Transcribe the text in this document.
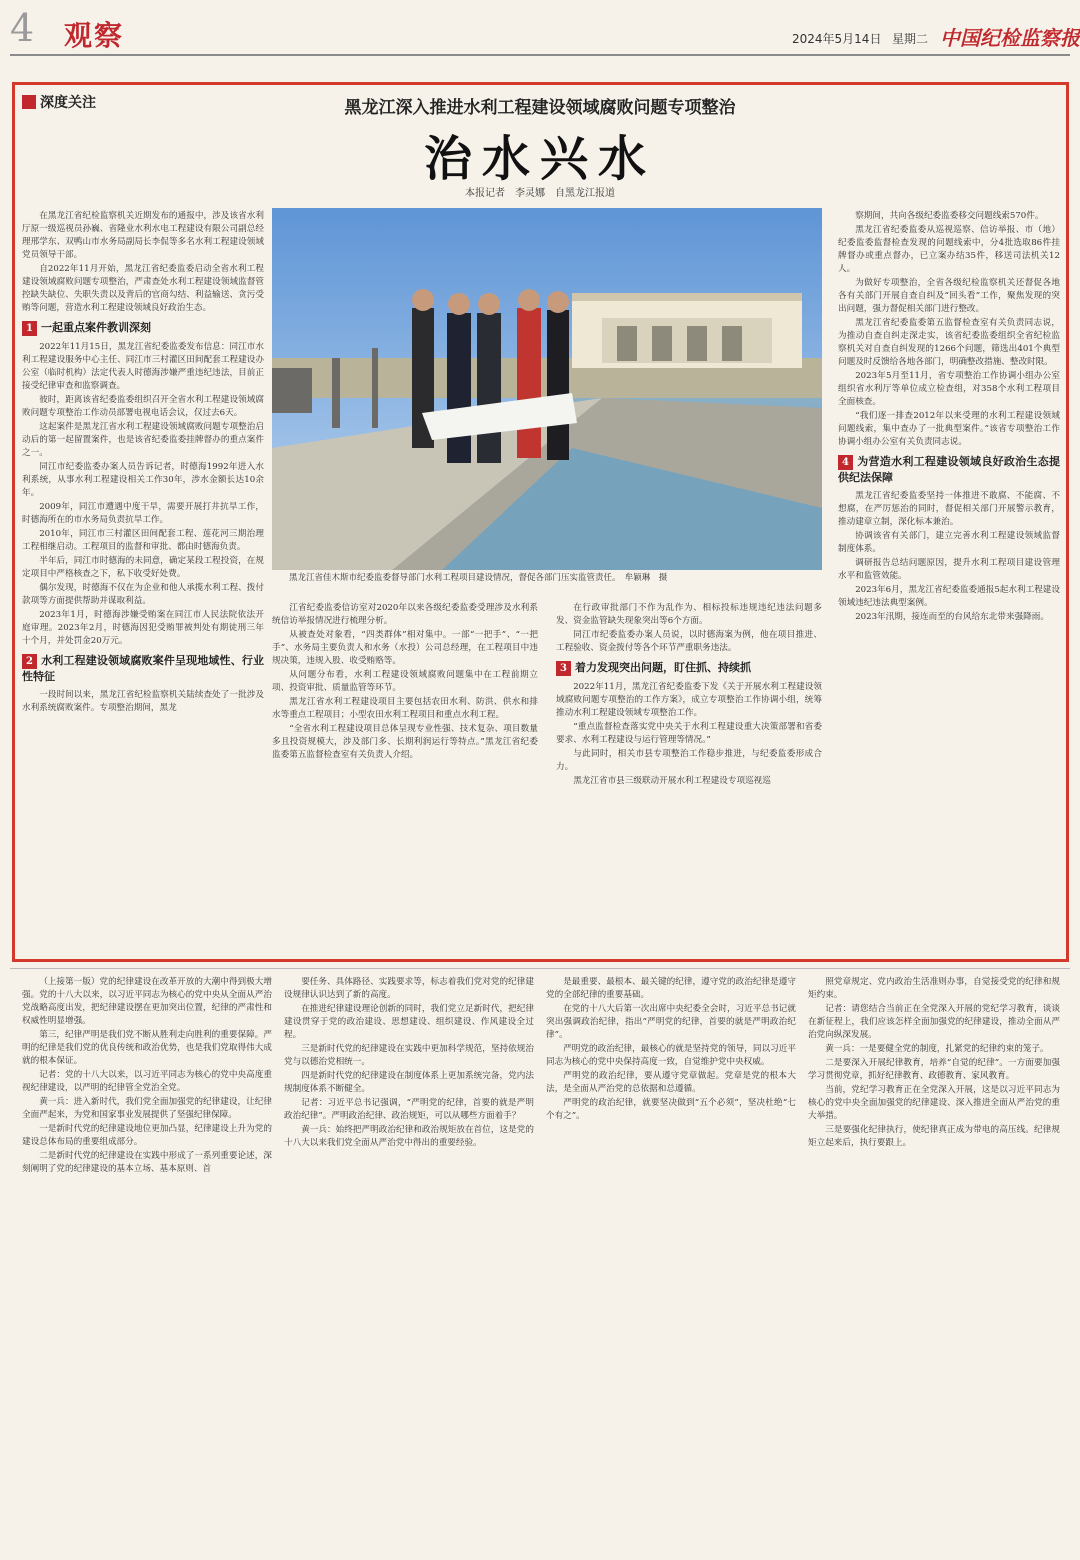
4 观察	2024年5月14日 星期二 中国纪检监察报
深度关注	黑龙江深入推进水利工程建设领域腐败问题专项整治
治水兴水
本报记者　李灵娜　自黑龙江报道

在黑龙江省纪检监察机关近期发布的通报中，涉及该省水利厅原一级巡视员孙巍、省隆业水利水电工程建设有限公司副总经理邢学东、双鸭山市水务局副局长李侃等多名水利工程建设领域党员领导干部。

自2022年11月开始，黑龙江省纪委监委启动全省水利工程建设领域腐败问题专项整治，严肃查处水利工程建设领域监督管控缺失缺位、失职失责以及背后的官商勾结、利益输送、贪污受贿等问题，营造水利工程建设领域良好政治生态。

1 一起重点案件教训深刻

2022年11月15日，黑龙江省纪委监委发布信息：同江市水利工程建设服务中心主任、同江市三村灌区田间配套工程建设办公室（临时机构）法定代表人时德海涉嫌严重违纪违法，目前正接受纪律审查和监察调查。

彼时，距离该省纪委监委组织召开全省水利工程建设领域腐败问题专项整治工作动员部署电视电话会议，仅过去6天。

这起案件是黑龙江省水利工程建设领域腐败问题专项整治启动后的第一起留置案件，也是该省纪委监委挂牌督办的重点案件之一。

同江市纪委监委办案人员告诉记者，时德海1992年进入水利系统，从事水利工程建设相关工作30年，涉水金额长达10余年。

2009年，同江市遭遇中度干旱，需要开展打井抗旱工作，时德海所在的市水务局负责抗旱工作。

2010年，同江市三村灌区田间配套工程、莲花河三期治理工程相继启动。工程项目的监督和审批、都由时德海负责。

半年后，同江市时德海的未同意，确定某段工程投资，在规定项目中严格核查之下，私下收受好处费。

偶尔发现，时德海不仅在为企业和他人承揽水利工程、拨付款项等方面提供帮助并谋取利益。

2023年1月，时德海涉嫌受贿案在同江市人民法院依法开庭审理。2023年2月，时德海因犯受贿罪被判处有期徒刑三年十个月，并处罚金20万元。

2 水利工程建设领域腐败案件呈现地域性、行业性特征

一段时间以来，黑龙江省纪检监察机关陆续查处了一批涉及水利系统腐败案件。专项整治期间，黑龙

黑龙江省佳木斯市纪委监委督导部门水利工程项目建设情况，督促各部门压实监管责任。　 牟颖琳　摄

江省纪委监委信访室对2020年以来各级纪委监委受理涉及水利系统信访举报情况进行梳理分析。

从被查处对象看，“四类群体”相对集中。一部“一把手”、“一把手”、水务局主要负责人和水务（水投）公司总经理，在工程项目中违规决策，违规入股、收受贿赂等。

从问题分布看，水利工程建设领域腐败问题集中在工程前期立项、投资审批、质量监管等环节。

黑龙江省水利工程建设项目主要包括农田水利、防洪、供水和排水等重点工程项目；小型农田水利工程项目和重点水利工程。

“全省水利工程建设项目总体呈现专业性强、技术复杂、项目数量多且投资规模大，涉及部门多、长期利润运行等特点。”黑龙江省纪委监委第五监督检查室有关负责人介绍。

在行政审批部门不作为乱作为、相标投标违规违纪违法问题多发、资金监管缺失现象突出等6个方面。

同江市纪委监委办案人员说，以时德海案为例，他在项目推进、工程验收、资金拨付等各个环节严重职务违法。

3 着力发现突出问题，盯住抓、持续抓

2022年11月，黑龙江省纪委监委下发《关于开展水利工程建设领域腐败问题专项整治的工作方案》，成立专项整治工作协调小组，统筹推动水利工程建设领域专项整治工作。

“重点监督检查落实党中央关于水利工程建设重大决策部署和省委要求、水利工程建设与运行管理等情况。”

与此同时，相关市县专项整治工作稳步推进，与纪委监委形成合力。

黑龙江省市县三级联动开展水利工程建设专项巡视巡

察期间，共向各级纪委监委移交问题线索570件。

黑龙江省纪委监委从巡视巡察、信访举报、市（地）纪委监委监督检查发现的问题线索中，分4批选取86件挂牌督办或重点督办，已立案办结35件，移送司法机关12人。

为做好专项整治，全省各级纪检监察机关还督促各地各有关部门开展自查自纠及“回头看”工作，聚焦发现的突出问题，强力督促相关部门进行整改。

黑龙江省纪委监委第五监督检查室有关负责同志说，为推动自查自纠走深走实，该省纪委监委组织全省纪检监察机关对自查自纠发现的1266个问题，筛选出401个典型问题及时反馈给各地各部门，明确整改措施、整改时限。

2023年5月至11月，省专项整治工作协调小组办公室组织省水利厅等单位成立检查组，对358个水利工程项目全面核查。

“我们逐一排查2012年以来受理的水利工程建设领域问题线索，集中查办了一批典型案件。”该省专项整治工作协调小组办公室有关负责同志说。

4 为营造水利工程建设领域良好政治生态提供纪法保障

黑龙江省纪委监委坚持一体推进不敢腐、不能腐、不想腐，在严厉惩治的同时，督促相关部门开展警示教育，推动建章立制，深化标本兼治。

协调该省有关部门，建立完善水利工程建设领域监督制度体系。

调研报告总结问题原因，提升水利工程项目建设管理水平和监管效能。

2023年6月，黑龙江省纪委监委通报5起水利工程建设领域违纪违法典型案例。

2023年汛期，接连而至的台风给东北带来强降雨。

（上接第一版）党的纪律建设在改革开放的大潮中得到极大增强。党的十八大以来，以习近平同志为核心的党中央从全面从严治党战略高度出发，把纪律建设摆在更加突出位置，纪律的严肃性和权威性明显增强。

第三，纪律严明是我们党不断从胜利走向胜利的重要保障。严明的纪律是我们党的优良传统和政治优势，也是我们党取得伟大成就的根本保证。

记者：党的十八大以来，以习近平同志为核心的党中央高度重视纪律建设，以严明的纪律管全党治全党。

黄一兵：进入新时代，我们党全面加强党的纪律建设，让纪律全面严起来，为党和国家事业发展提供了坚强纪律保障。

一是新时代党的纪律建设地位更加凸显，纪律建设上升为党的建设总体布局的重要组成部分。

二是新时代党的纪律建设在实践中形成了一系列重要论述，深刻阐明了党的纪律建设的基本立场、基本原则、首

要任务、具体路径、实践要求等，标志着我们党对党的纪律建设规律认识达到了新的高度。

在推进纪律建设理论创新的同时，我们党立足新时代，把纪律建设贯穿于党的政治建设、思想建设、组织建设、作风建设全过程。

三是新时代党的纪律建设在实践中更加科学规范，坚持依规治党与以德治党相统一。

四是新时代党的纪律建设在制度体系上更加系统完备，党内法规制度体系不断健全。

记者：习近平总书记强调，“严明党的纪律，首要的就是严明政治纪律”。严明政治纪律、政治规矩，可以从哪些方面着手？

黄一兵：始终把严明政治纪律和政治规矩放在首位，这是党的十八大以来我们党全面从严治党中得出的重要经验。

是最重要、最根本、最关键的纪律，遵守党的政治纪律是遵守党的全部纪律的重要基础。

在党的十八大后第一次出席中央纪委全会时，习近平总书记就突出强调政治纪律，指出“严明党的纪律，首要的就是严明政治纪律”。

严明党的政治纪律，最核心的就是坚持党的领导，同以习近平同志为核心的党中央保持高度一致，自觉维护党中央权威。

严明党的政治纪律，要从遵守党章做起。党章是党的根本大法，是全面从严治党的总依据和总遵循。

严明党的政治纪律，就要坚决做到“五个必须”，坚决杜绝“七个有之”。

照党章规定、党内政治生活准则办事，自觉接受党的纪律和规矩约束。

记者：请您结合当前正在全党深入开展的党纪学习教育，谈谈在新征程上，我们应该怎样全面加强党的纪律建设，推动全面从严治党向纵深发展。

黄一兵：一是要健全党的制度，扎紧党的纪律约束的笼子。

二是要深入开展纪律教育，培养“自觉的纪律”。一方面要加强学习贯彻党章，抓好纪律教育、政德教育、家风教育。

当前，党纪学习教育正在全党深入开展，这是以习近平同志为核心的党中央全面加强党的纪律建设、深入推进全面从严治党的重大举措。

三是要强化纪律执行，使纪律真正成为带电的高压线。纪律规矩立起来后，执行要跟上。
